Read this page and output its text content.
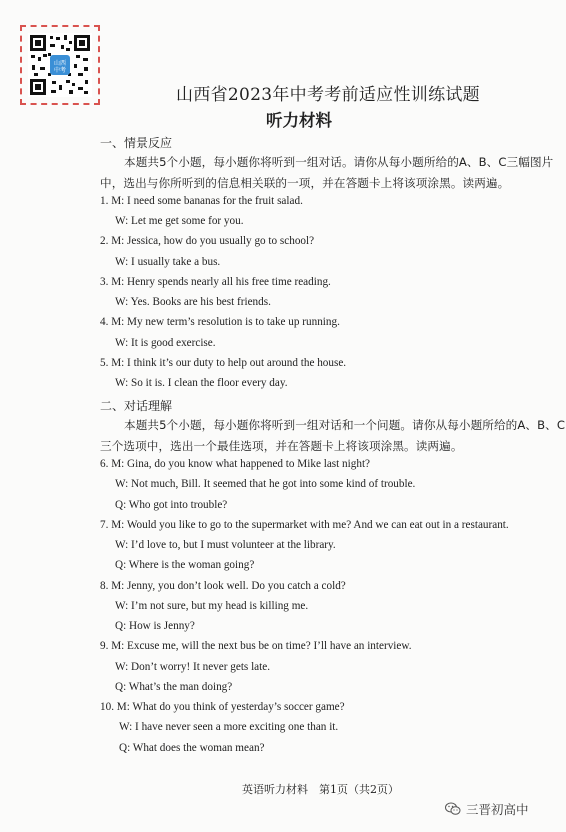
山西中考
山西省2023年中考考前适应性训练试题
听力材料
一、情景反应
本题共5个小题，每小题你将听到一组对话。请你从每小题所给的A、B、C三幅图片
中，选出与你所听到的信息相关联的一项，并在答题卡上将该项涂黑。读两遍。
1. M: I need some bananas for the fruit salad.
W: Let me get some for you.
2. M: Jessica, how do you usually go to school?
W: I usually take a bus.
3. M: Henry spends nearly all his free time reading.
W: Yes. Books are his best friends.
4. M: My new term’s resolution is to take up running.
W: It is good exercise.
5. M: I think it’s our duty to help out around the house.
W: So it is. I clean the floor every day.
二、对话理解
本题共5个小题，每小题你将听到一组对话和一个问题。请你从每小题所给的A、B、C
三个选项中，选出一个最佳选项，并在答题卡上将该项涂黑。读两遍。
6. M: Gina, do you know what happened to Mike last night?
W: Not much, Bill. It seemed that he got into some kind of trouble.
Q: Who got into trouble?
7. M: Would you like to go to the supermarket with me? And we can eat out in a restaurant.
W: I’d love to, but I must volunteer at the library.
Q: Where is the woman going?
8. M: Jenny, you don’t look well. Do you catch a cold?
W: I’m not sure, but my head is killing me.
Q: How is Jenny?
9. M: Excuse me, will the next bus be on time? I’ll have an interview.
W: Don’t worry! It never gets late.
Q: What’s the man doing?
10. M: What do you think of yesterday’s soccer game?
W: I have never seen a more exciting one than it.
Q: What does the woman mean?
英语听力材料　第1页（共2页）
三晋初高中
